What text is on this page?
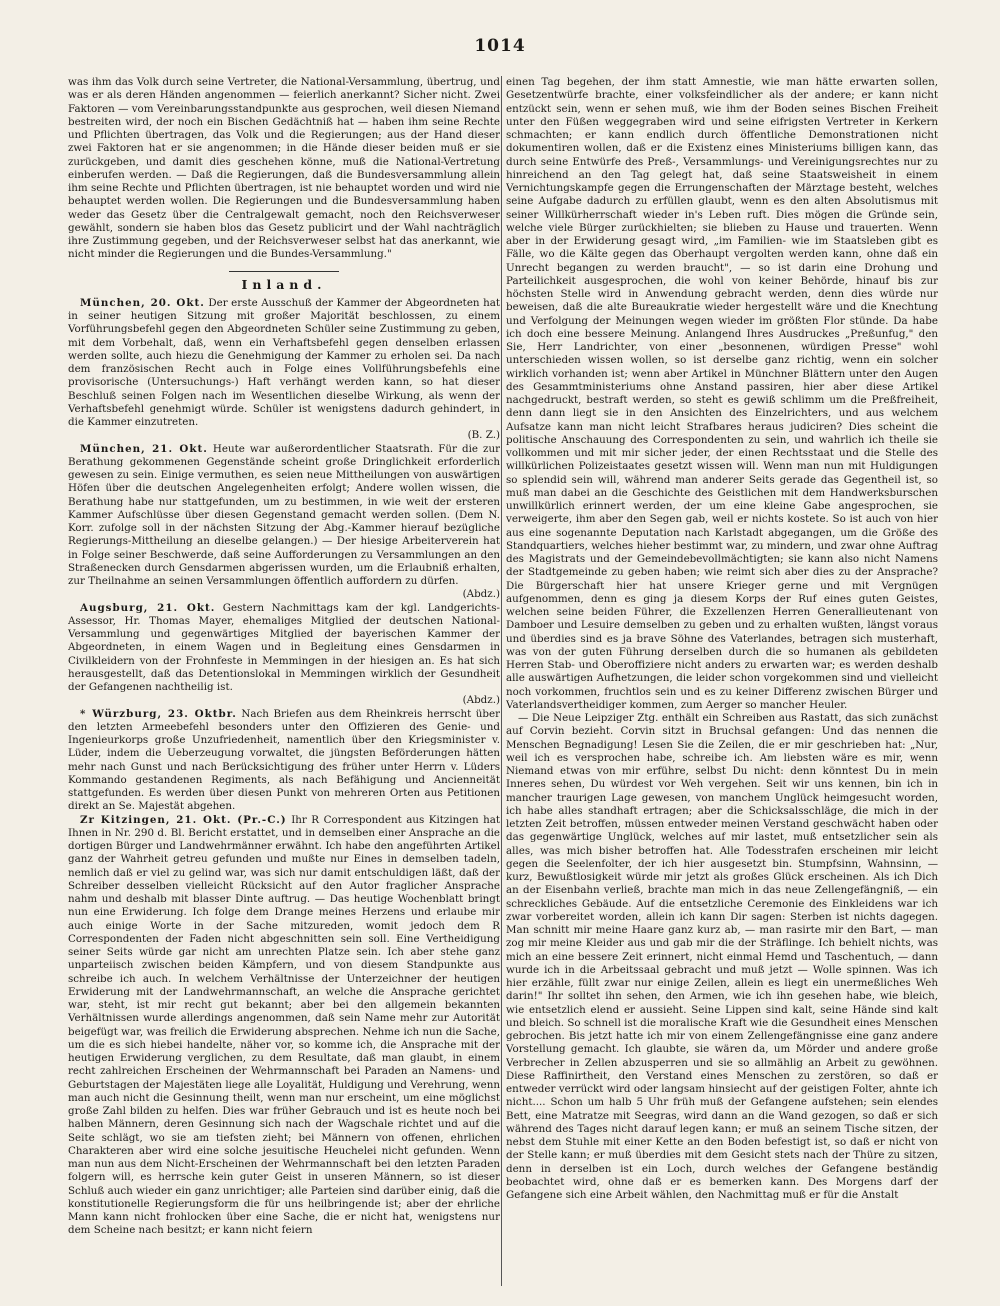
1014

was ihm das Volk durch seine Vertreter, die National-Versammlung, übertrug, und was er als deren Händen angenommen — feierlich anerkannt? Sicher nicht. Zwei Faktoren — vom Vereinbarungsstandpunkte aus gesprochen, weil diesen Niemand bestreiten wird, der noch ein Bischen Gedächtniß hat — haben ihm seine Rechte und Pflichten übertragen, das Volk und die Regierungen; aus der Hand dieser zwei Faktoren hat er sie angenommen; in die Hände dieser beiden muß er sie zurückgeben, und damit dies geschehen könne, muß die National-Vertretung einberufen werden. — Daß die Regierungen, daß die Bundesversammlung allein ihm seine Rechte und Pflichten übertragen, ist nie behauptet worden und wird nie behauptet werden wollen. Die Regierungen und die Bundesversammlung haben weder das Gesetz über die Centralgewalt gemacht, noch den Reichsverweser gewählt, sondern sie haben blos das Gesetz publicirt und der Wahl nachträglich ihre Zustimmung gegeben, und der Reichsverweser selbst hat das anerkannt, wie nicht minder die Regierungen und die Bundes-Versammlung."

Inland.

München, 20. Okt. Der erste Ausschuß der Kammer der Abgeordneten hat in seiner heutigen Sitzung mit großer Majorität beschlossen, zu einem Vorführungsbefehl gegen den Abgeordneten Schüler seine Zustimmung zu geben, mit dem Vorbehalt, daß, wenn ein Verhaftsbefehl gegen denselben erlassen werden sollte, auch hiezu die Genehmigung der Kammer zu erholen sei. Da nach dem französischen Recht auch in Folge eines Vollführungsbefehls eine provisorische (Untersuchungs-) Haft verhängt werden kann, so hat dieser Beschluß seinen Folgen nach im Wesentlichen dieselbe Wirkung, als wenn der Verhaftsbefehl genehmigt würde. Schüler ist wenigstens dadurch gehindert, in die Kammer einzutreten.
(B. Z.)

München, 21. Okt. Heute war außerordentlicher Staatsrath. Für die zur Berathung gekommenen Gegenstände scheint große Dringlichkeit erforderlich gewesen zu sein. Einige vermuthen, es seien neue Mittheilungen von auswärtigen Höfen über die deutschen Angelegenheiten erfolgt; Andere wollen wissen, die Berathung habe nur stattgefunden, um zu bestimmen, in wie weit der ersteren Kammer Aufschlüsse über diesen Gegenstand gemacht werden sollen. (Dem N. Korr. zufolge soll in der nächsten Sitzung der Abg.-Kammer hierauf bezügliche Regierungs-Mittheilung an dieselbe gelangen.) — Der hiesige Arbeiterverein hat in Folge seiner Beschwerde, daß seine Aufforderungen zu Versammlungen an den Straßenecken durch Gensdarmen abgerissen wurden, um die Erlaubniß erhalten, zur Theilnahme an seinen Versammlungen öffentlich auffordern zu dürfen.
(Abdz.)

Augsburg, 21. Okt. Gestern Nachmittags kam der kgl. Landgerichts-Assessor, Hr. Thomas Mayer, ehemaliges Mitglied der deutschen National-Versammlung und gegenwärtiges Mitglied der bayerischen Kammer der Abgeordneten, in einem Wagen und in Begleitung eines Gensdarmen in Civilkleidern von der Frohnfeste in Memmingen in der hiesigen an. Es hat sich herausgestellt, daß das Detentionslokal in Memmingen wirklich der Gesundheit der Gefangenen nachtheilig ist.
(Abdz.)

* Würzburg, 23. Oktbr. Nach Briefen aus dem Rheinkreis herrscht über den letzten Armeebefehl besonders unter den Offizieren des Genie- und Ingenieurkorps große Unzufriedenheit, namentlich über den Kriegsminister v. Lüder, indem die Ueberzeugung vorwaltet, die jüngsten Beförderungen hätten mehr nach Gunst und nach Berücksichtigung des früher unter Herrn v. Lüders Kommando gestandenen Regiments, als nach Befähigung und Ancienneität stattgefunden. Es werden über diesen Punkt von mehreren Orten aus Petitionen direkt an Se. Majestät abgehen.

Zr Kitzingen, 21. Okt. (Pr.-C.) Ihr R Correspondent aus Kitzingen hat Ihnen in Nr. 290 d. Bl. Bericht erstattet, und in demselben einer Ansprache an die dortigen Bürger und Landwehrmänner erwähnt. Ich habe den angeführten Artikel ganz der Wahrheit getreu gefunden und mußte nur Eines in demselben tadeln, nemlich daß er viel zu gelind war, was sich nur damit entschuldigen läßt, daß der Schreiber desselben vielleicht Rücksicht auf den Autor fraglicher Ansprache nahm und deshalb mit blasser Dinte auftrug. — Das heutige Wochenblatt bringt nun eine Erwiderung. Ich folge dem Drange meines Herzens und erlaube mir auch einige Worte in der Sache mitzureden, womit jedoch dem R Correspondenten der Faden nicht abgeschnitten sein soll. Eine Vertheidigung seiner Seits würde gar nicht am unrechten Platze sein. Ich aber stehe ganz unparteiisch zwischen beiden Kämpfern, und von diesem Standpunkte aus schreibe ich auch. In welchem Verhältnisse der Unterzeichner der heutigen Erwiderung mit der Landwehrmannschaft, an welche die Ansprache gerichtet war, steht, ist mir recht gut bekannt; aber bei den allgemein bekannten Verhältnissen wurde allerdings angenommen, daß sein Name mehr zur Autorität beigefügt war, was freilich die Erwiderung absprechen. Nehme ich nun die Sache, um die es sich hiebei handelte, näher vor, so komme ich, die Ansprache mit der heutigen Erwiderung verglichen, zu dem Resultate, daß man glaubt, in einem recht zahlreichen Erscheinen der Wehrmannschaft bei Paraden an Namens- und Geburtstagen der Majestäten liege alle Loyalität, Huldigung und Verehrung, wenn man auch nicht die Gesinnung theilt, wenn man nur erscheint, um eine möglichst große Zahl bilden zu helfen. Dies war früher Gebrauch und ist es heute noch bei halben Männern, deren Gesinnung sich nach der Wagschale richtet und auf die Seite schlägt, wo sie am tiefsten zieht; bei Männern von offenen, ehrlichen Charakteren aber wird eine solche jesuitische Heuchelei nicht gefunden. Wenn man nun aus dem Nicht-Erscheinen der Wehrmannschaft bei den letzten Paraden folgern will, es herrsche kein guter Geist in unseren Männern, so ist dieser Schluß auch wieder ein ganz unrichtiger; alle Parteien sind darüber einig, daß die konstitutionelle Regierungsform die für uns heilbringende ist; aber der ehrliche Mann kann nicht frohlocken über eine Sache, die er nicht hat, wenigstens nur dem Scheine nach besitzt; er kann nicht feiern

einen Tag begehen, der ihm statt Amnestie, wie man hätte erwarten sollen, Gesetzentwürfe brachte, einer volksfeindlicher als der andere; er kann nicht entzückt sein, wenn er sehen muß, wie ihm der Boden seines Bischen Freiheit unter den Füßen weggegraben wird und seine eifrigsten Vertreter in Kerkern schmachten; er kann endlich durch öffentliche Demonstrationen nicht dokumentiren wollen, daß er die Existenz eines Ministeriums billigen kann, das durch seine Entwürfe des Preß-, Versammlungs- und Vereinigungsrechtes nur zu hinreichend an den Tag gelegt hat, daß seine Staatsweisheit in einem Vernichtungskampfe gegen die Errungenschaften der Märztage besteht, welches seine Aufgabe dadurch zu erfüllen glaubt, wenn es den alten Absolutismus mit seiner Willkürherrschaft wieder in's Leben ruft. Dies mögen die Gründe sein, welche viele Bürger zurückhielten; sie blieben zu Hause und trauerten. Wenn aber in der Erwiderung gesagt wird, „im Familien- wie im Staatsleben gibt es Fälle, wo die Kälte gegen das Oberhaupt vergolten werden kann, ohne daß ein Unrecht begangen zu werden braucht", — so ist darin eine Drohung und Parteilichkeit ausgesprochen, die wohl von keiner Behörde, hinauf bis zur höchsten Stelle wird in Anwendung gebracht werden, denn dies würde nur beweisen, daß die alte Bureaukratie wieder hergestellt wäre und die Knechtung und Verfolgung der Meinungen wegen wieder im größten Flor stünde. Da habe ich doch eine bessere Meinung. Anlangend Ihres Ausdruckes „Preßunfug," den Sie, Herr Landrichter, von einer „besonnenen, würdigen Presse" wohl unterschieden wissen wollen, so ist derselbe ganz richtig, wenn ein solcher wirklich vorhanden ist; wenn aber Artikel in Münchner Blättern unter den Augen des Gesammtministeriums ohne Anstand passiren, hier aber diese Artikel nachgedruckt, bestraft werden, so steht es gewiß schlimm um die Preßfreiheit, denn dann liegt sie in den Ansichten des Einzelrichters, und aus welchem Aufsatze kann man nicht leicht Strafbares heraus judiciren? Dies scheint die politische Anschauung des Correspondenten zu sein, und wahrlich ich theile sie vollkommen und mit mir sicher jeder, der einen Rechtsstaat und die Stelle des willkürlichen Polizeistaates gesetzt wissen will. Wenn man nun mit Huldigungen so splendid sein will, während man anderer Seits gerade das Gegentheil ist, so muß man dabei an die Geschichte des Geistlichen mit dem Handwerksburschen unwillkürlich erinnert werden, der um eine kleine Gabe angesprochen, sie verweigerte, ihm aber den Segen gab, weil er nichts kostete. So ist auch von hier aus eine sogenannte Deputation nach Karlstadt abgegangen, um die Größe des Standquartiers, welches hieher bestimmt war, zu mindern, und zwar ohne Auftrag des Magistrats und der Gemeindebevollmächtigten; sie kann also nicht Namens der Stadtgemeinde zu geben haben; wie reimt sich aber dies zu der Ansprache? Die Bürgerschaft hier hat unsere Krieger gerne und mit Vergnügen aufgenommen, denn es ging ja diesem Korps der Ruf eines guten Geistes, welchen seine beiden Führer, die Exzellenzen Herren Generallieutenant von Damboer und Lesuire demselben zu geben und zu erhalten wußten, längst voraus und überdies sind es ja brave Söhne des Vaterlandes, betragen sich musterhaft, was von der guten Führung derselben durch die so humanen als gebildeten Herren Stab- und Oberoffiziere nicht anders zu erwarten war; es werden deshalb alle auswärtigen Aufhetzungen, die leider schon vorgekommen sind und vielleicht noch vorkommen, fruchtlos sein und es zu keiner Differenz zwischen Bürger und Vaterlandsvertheidiger kommen, zum Aerger so mancher Heuler.

— Die Neue Leipziger Ztg. enthält ein Schreiben aus Rastatt, das sich zunächst auf Corvin bezieht. Corvin sitzt in Bruchsal gefangen: Und das nennen die Menschen Begnadigung! Lesen Sie die Zeilen, die er mir geschrieben hat: „Nur, weil ich es versprochen habe, schreibe ich. Am liebsten wäre es mir, wenn Niemand etwas von mir erführe, selbst Du nicht: denn könntest Du in mein Inneres sehen, Du würdest vor Weh vergehen. Seit wir uns kennen, bin ich in mancher traurigen Lage gewesen, von manchem Unglück heimgesucht worden, ich habe alles standhaft ertragen; aber die Schicksalsschläge, die mich in der letzten Zeit betroffen, müssen entweder meinen Verstand geschwächt haben oder das gegenwärtige Unglück, welches auf mir lastet, muß entsetzlicher sein als alles, was mich bisher betroffen hat. Alle Todesstrafen erscheinen mir leicht gegen die Seelenfolter, der ich hier ausgesetzt bin. Stumpfsinn, Wahnsinn, — kurz, Bewußtlosigkeit würde mir jetzt als großes Glück erscheinen. Als ich Dich an der Eisenbahn verließ, brachte man mich in das neue Zellengefängniß, — ein schreckliches Gebäude. Auf die entsetzliche Ceremonie des Einkleidens war ich zwar vorbereitet worden, allein ich kann Dir sagen: Sterben ist nichts dagegen. Man schnitt mir meine Haare ganz kurz ab, — man rasirte mir den Bart, — man zog mir meine Kleider aus und gab mir die der Sträflinge. Ich behielt nichts, was mich an eine bessere Zeit erinnert, nicht einmal Hemd und Taschentuch, — dann wurde ich in die Arbeitssaal gebracht und muß jetzt — Wolle spinnen. Was ich hier erzähle, füllt zwar nur einige Zeilen, allein es liegt ein unermeßliches Weh darin!" Ihr solltet ihn sehen, den Armen, wie ich ihn gesehen habe, wie bleich, wie entsetzlich elend er aussieht. Seine Lippen sind kalt, seine Hände sind kalt und bleich. So schnell ist die moralische Kraft wie die Gesundheit eines Menschen gebrochen. Bis jetzt hatte ich mir von einem Zellengefängnisse eine ganz andere Vorstellung gemacht. Ich glaubte, sie wären da, um Mörder und andere große Verbrecher in Zellen abzusperren und sie so allmählig an Arbeit zu gewöhnen. Diese Raffinirtheit, den Verstand eines Menschen zu zerstören, so daß er entweder verrückt wird oder langsam hinsiecht auf der geistigen Folter, ahnte ich nicht.... Schon um halb 5 Uhr früh muß der Gefangene aufstehen; sein elendes Bett, eine Matratze mit Seegras, wird dann an die Wand gezogen, so daß er sich während des Tages nicht darauf legen kann; er muß an seinem Tische sitzen, der nebst dem Stuhle mit einer Kette an den Boden befestigt ist, so daß er nicht von der Stelle kann; er muß überdies mit dem Gesicht stets nach der Thüre zu sitzen, denn in derselben ist ein Loch, durch welches der Gefangene beständig beobachtet wird, ohne daß er es bemerken kann. Des Morgens darf der Gefangene sich eine Arbeit wählen, den Nachmittag muß er für die Anstalt
